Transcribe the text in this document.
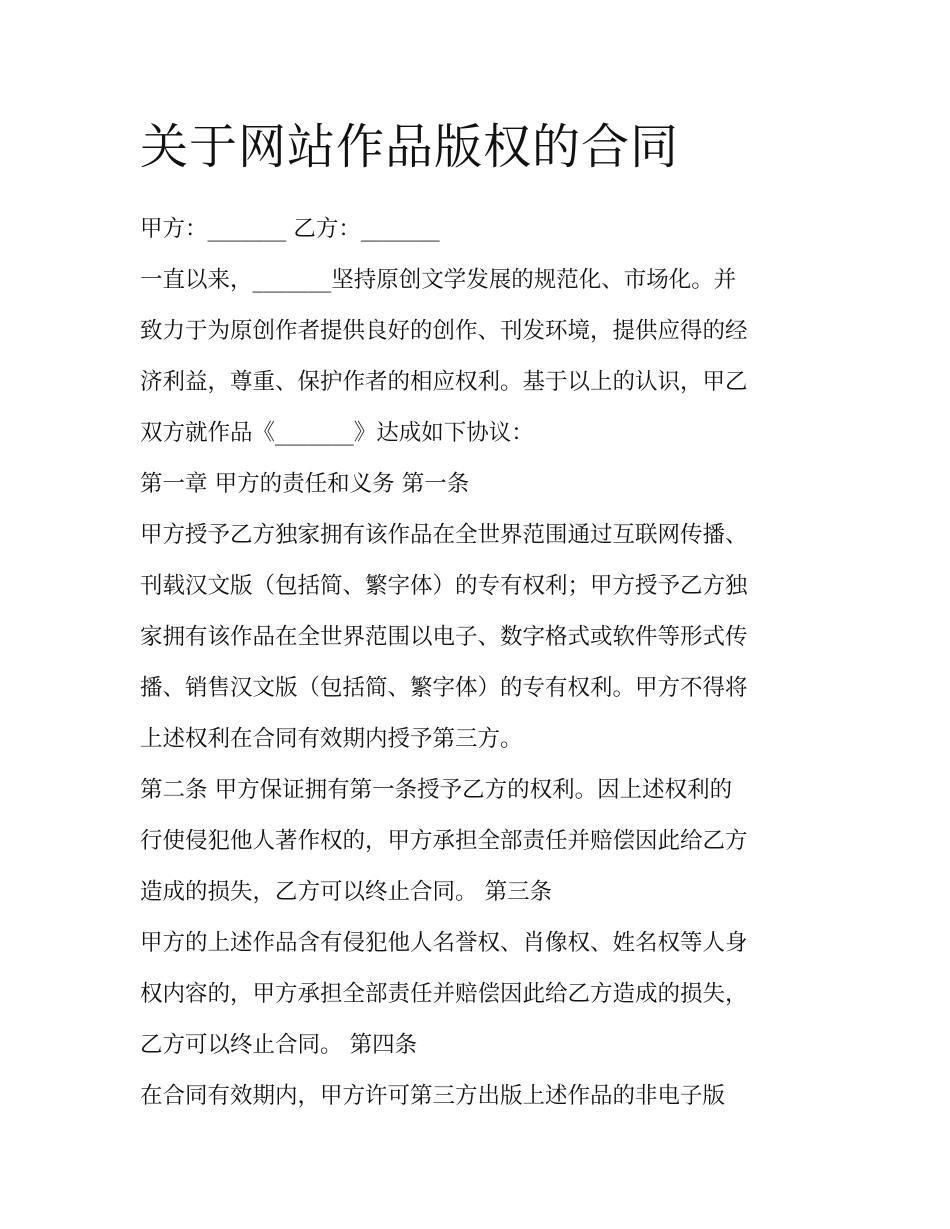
关于网站作品版权的合同

甲方：_______ 乙方：_______

一直以来，_______坚持原创文学发展的规范化、市场化。并

致力于为原创作者提供良好的创作、刊发环境，提供应得的经

济利益，尊重、保护作者的相应权利。基于以上的认识，甲乙

双方就作品《_______》达成如下协议：

第一章 甲方的责任和义务 第一条

甲方授予乙方独家拥有该作品在全世界范围通过互联网传播、

刊载汉文版（包括简、繁字体）的专有权利；甲方授予乙方独

家拥有该作品在全世界范围以电子、数字格式或软件等形式传

播、销售汉文版（包括简、繁字体）的专有权利。甲方不得将

上述权利在合同有效期内授予第三方。

第二条 甲方保证拥有第一条授予乙方的权利。因上述权利的

行使侵犯他人著作权的，甲方承担全部责任并赔偿因此给乙方

造成的损失，乙方可以终止合同。 第三条

甲方的上述作品含有侵犯他人名誉权、肖像权、姓名权等人身

权内容的，甲方承担全部责任并赔偿因此给乙方造成的损失，

乙方可以终止合同。 第四条

在合同有效期内，甲方许可第三方出版上述作品的非电子版
